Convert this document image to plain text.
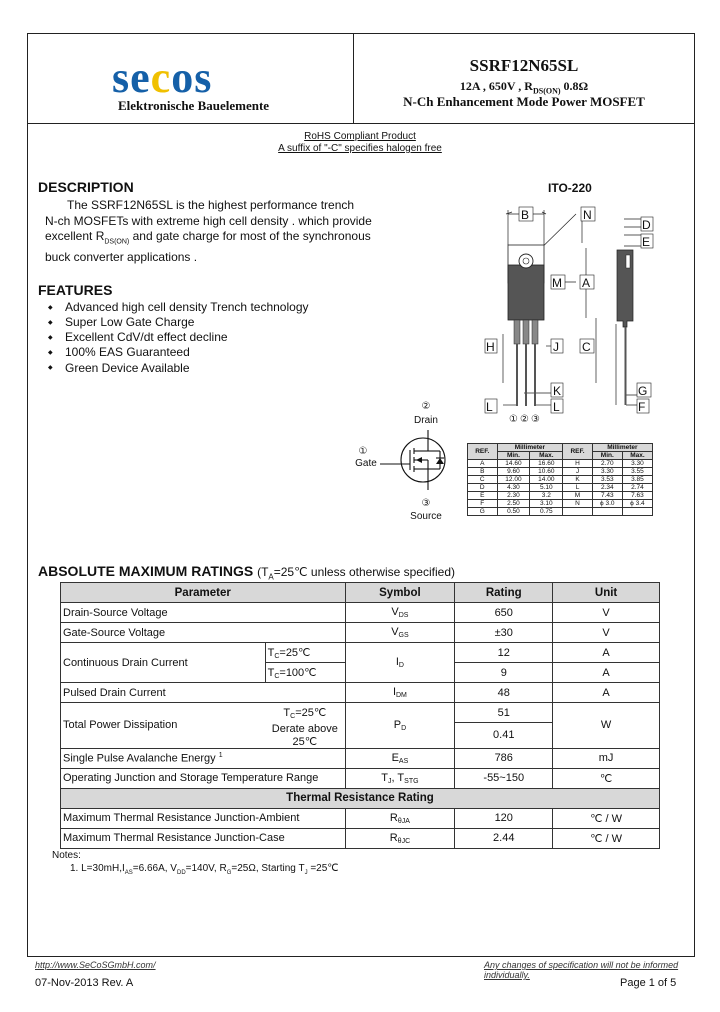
secos
Elektronische Bauelemente
SSRF12N65SL
12A , 650V , $R_{DS(ON)}$ 0.8Ω
N-Ch Enhancement Mode Power MOSFET
RoHS Compliant Product
A suffix of "-C" specifies halogen free
DESCRIPTION
The SSRF12N65SL is the highest performance trench
N-ch MOSFETs with extreme high cell density . which provide
excellent $R_{DS(ON)}$ and gate charge for most of the synchronous
buck converter applications .
FEATURES
◆ Advanced high cell density Trench technology
◆ Super Low Gate Charge
◆ Excellent CdV/dt effect decline
◆ 100% EAS Guaranteed
◆ Green Device Available
ITO-220
B	N
D
E
M A
H	J C
K
L	L
G
F
① ② ③
②
Drain
①
Gate
③
Source
REF.	Millimeter		REF.	Millimeter	
	Min.	Max.		Min.	Max.
A	14.60	16.60	H	2.70	3.30
B	9.60	10.60	J	3.30	3.55
C	12.00	14.00	K	3.53	3.85
D	4.30	5.10	L	2.34	2.74
E	2.30	3.2	M	7.43	7.63
F	2.50	3.10	N	ϕ 3.0	ϕ 3.4
G	0.50	0.75			
ABSOLUTE MAXIMUM RATINGS ($T_A=25℃$ unless otherwise specified)
Parameter		Symbol	Rating	Unit
Drain-Source Voltage		$V_{DS}$	650	V
Gate-Source Voltage		$V_{GS}$	±30	V
Continuous Drain Current	$T_C=25℃$	$I_D$	12	A
	$T_C=100℃$		9	A
Pulsed Drain Current		$I_{DM}$	48	A
Total Power Dissipation	$T_C=25℃$	$P_D$	51	W
	Derate above 25℃		0.41	
Single Pulse Avalanche Energy $^1$		$E_{AS}$	786	mJ
Operating Junction and Storage Temperature Range		$T_J$, $T_{STG}$	-55~150	℃
Thermal Resistance Rating				
Maximum Thermal Resistance Junction-Ambient		$R_{\theta JA}$	120	℃ / W
Maximum Thermal Resistance Junction-Case		$R_{\theta JC}$	2.44	℃ / W
Notes:
1. $L=30mH,I_{AS}=6.66A$, $V_{DD}=140V$, $R_G=25\Omega$, Starting $T_J$ =25℃
http://www.SeCoSGmbH.com/	Any changes of specification will not be informed individually.
07-Nov-2013 Rev. A	Page 1 of 5
